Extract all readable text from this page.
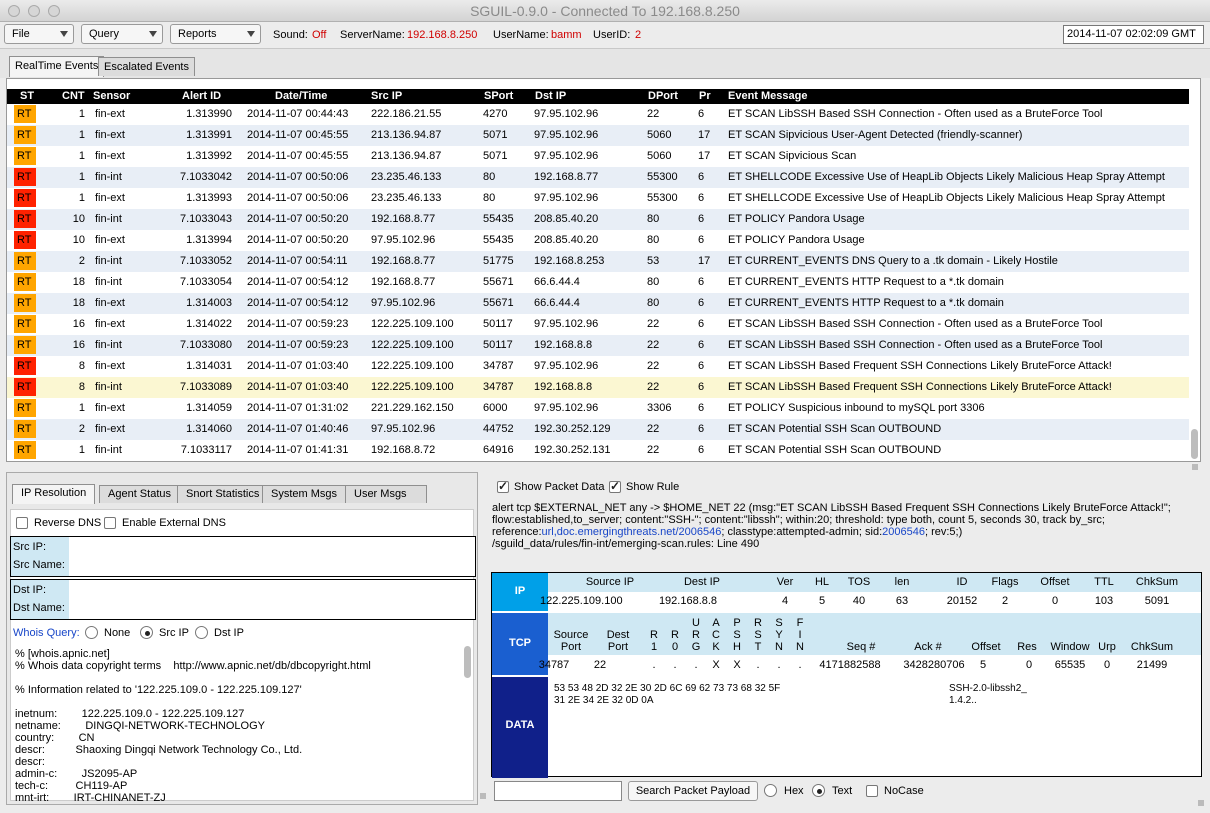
SGUIL-0.9.0 - Connected To 192.168.8.250
File	Query	Reports	Sound: Off ServerName: 192.168.8.250 UserName: bamm UserID: 2	2014-11-07 02:02:09 GMT
RealTime Events Escalated Events
ST	CNT Sensor	Alert ID	Date/Time	Src IP	SPort Dst IP	DPort Pr Event Message
RT	1 fin-ext	1.313990 2014-11-07 00:44:43 222.186.21.55	4270 97.95.102.96	22	6 ET SCAN LibSSH Based SSH Connection - Often used as a BruteForce Tool
RT	1 fin-ext	1.313991 2014-11-07 00:45:55 213.136.94.87	5071 97.95.102.96	5060 17 ET SCAN Sipvicious User-Agent Detected (friendly-scanner)
RT	1 fin-ext	1.313992 2014-11-07 00:45:55 213.136.94.87	5071 97.95.102.96	5060 17 ET SCAN Sipvicious Scan
RT	1 fin-int	7.1033042 2014-11-07 00:50:06 23.235.46.133	80	192.168.8.77	55300 6 ET SHELLCODE Excessive Use of HeapLib Objects Likely Malicious Heap Spray Attempt
RT	1 fin-ext	1.313993 2014-11-07 00:50:06 23.235.46.133	80	97.95.102.96	55300 6 ET SHELLCODE Excessive Use of HeapLib Objects Likely Malicious Heap Spray Attempt
RT	10 fin-int	7.1033043 2014-11-07 00:50:20 192.168.8.77	55435 208.85.40.20	80	6 ET POLICY Pandora Usage
RT	10 fin-ext	1.313994 2014-11-07 00:50:20 97.95.102.96	55435 208.85.40.20	80	6 ET POLICY Pandora Usage
RT	2 fin-int	7.1033052 2014-11-07 00:54:11 192.168.8.77	51775 192.168.8.253	53	17 ET CURRENT_EVENTS DNS Query to a .tk domain - Likely Hostile
RT	18 fin-int	7.1033054 2014-11-07 00:54:12 192.168.8.77	55671 66.6.44.4	80	6 ET CURRENT_EVENTS HTTP Request to a *.tk domain
RT	18 fin-ext	1.314003 2014-11-07 00:54:12 97.95.102.96	55671 66.6.44.4	80	6 ET CURRENT_EVENTS HTTP Request to a *.tk domain
RT	16 fin-ext	1.314022 2014-11-07 00:59:23 122.225.109.100	50117 97.95.102.96	22	6 ET SCAN LibSSH Based SSH Connection - Often used as a BruteForce Tool
RT	16 fin-int	7.1033080 2014-11-07 00:59:23 122.225.109.100	50117 192.168.8.8	22	6 ET SCAN LibSSH Based SSH Connection - Often used as a BruteForce Tool
RT	8 fin-ext	1.314031 2014-11-07 01:03:40 122.225.109.100	34787 97.95.102.96	22	6 ET SCAN LibSSH Based Frequent SSH Connections Likely BruteForce Attack!
RT	8 fin-int	7.1033089 2014-11-07 01:03:40 122.225.109.100	34787 192.168.8.8	22	6 ET SCAN LibSSH Based Frequent SSH Connections Likely BruteForce Attack!
RT	1 fin-ext	1.314059 2014-11-07 01:31:02 221.229.162.150	6000 97.95.102.96	3306 6 ET POLICY Suspicious inbound to mySQL port 3306
RT	2 fin-ext	1.314060 2014-11-07 01:40:46 97.95.102.96	44752 192.30.252.129	22	6 ET SCAN Potential SSH Scan OUTBOUND
RT	1 fin-int	7.1033117 2014-11-07 01:41:31 192.168.8.72	64916 192.30.252.131	22	6 ET SCAN Potential SSH Scan OUTBOUND
IP Resolution	Agent Status	Snort Statistics	System Msgs	User Msgs
Reverse DNS Enable External DNS
Src IP:
Src Name:
Dst IP:
Dst Name:
Whois Query: None	Src IP Dst IP
% [whois.apnic.net]
% Whois data copyright terms    http://www.apnic.net/db/dbcopyright.html
% Information related to '122.225.109.0 - 122.225.109.127'
inetnum:        122.225.109.0 - 122.225.109.127
netname:        DINGQI-NETWORK-TECHNOLOGY
country:        CN
descr:          Shaoxing Dingqi Network Technology Co., Ltd.
descr:
admin-c:        JS2095-AP
tech-c:         CH119-AP
mnt-irt:        IRT-CHINANET-ZJ
✓
Show Packet Data
✓ Show Rule
alert tcp $EXTERNAL_NET any -> $HOME_NET 22 (msg:"ET SCAN LibSSH Based Frequent SSH Connections Likely BruteForce Attack!";
flow:established,to_server; content:"SSH-"; content:"libssh"; within:20; threshold: type both, count 5, seconds 30, track by_src;
reference:url,doc.emergingthreats.net/2006546; classtype:attempted-admin; sid:2006546; rev:5;)
/sguild_data/rules/fin-int/emerging-scan.rules: Line 490
IP
Source IP	Dest IP	Ver	HL	TOS	len	ID	Flags	Offset	TTL	ChkSum
122.225.109.100	192.168.8.8	4	5	40	63	20152	2	0	103	5091
TCP
Source
Port
Dest
Port
R
1
R
0
U
R
G
A
C
K
P
S
H
R
S
T
S
Y
N
F
I
N	Seq #	Ack #	Offset	Res	Window Urp	ChkSum
34787	22	.	.	.	X	X	.	.	.	4171882588 3428280706	5	0	65535	0	21499
DATA
53 53 48 2D 32 2E 30 2D 6C 69 62 73 73 68 32 5F
31 2E 34 2E 32 0D 0A
SSH-2.0-libssh2_
1.4.2..
Search Packet Payload	Hex	Text	NoCase
